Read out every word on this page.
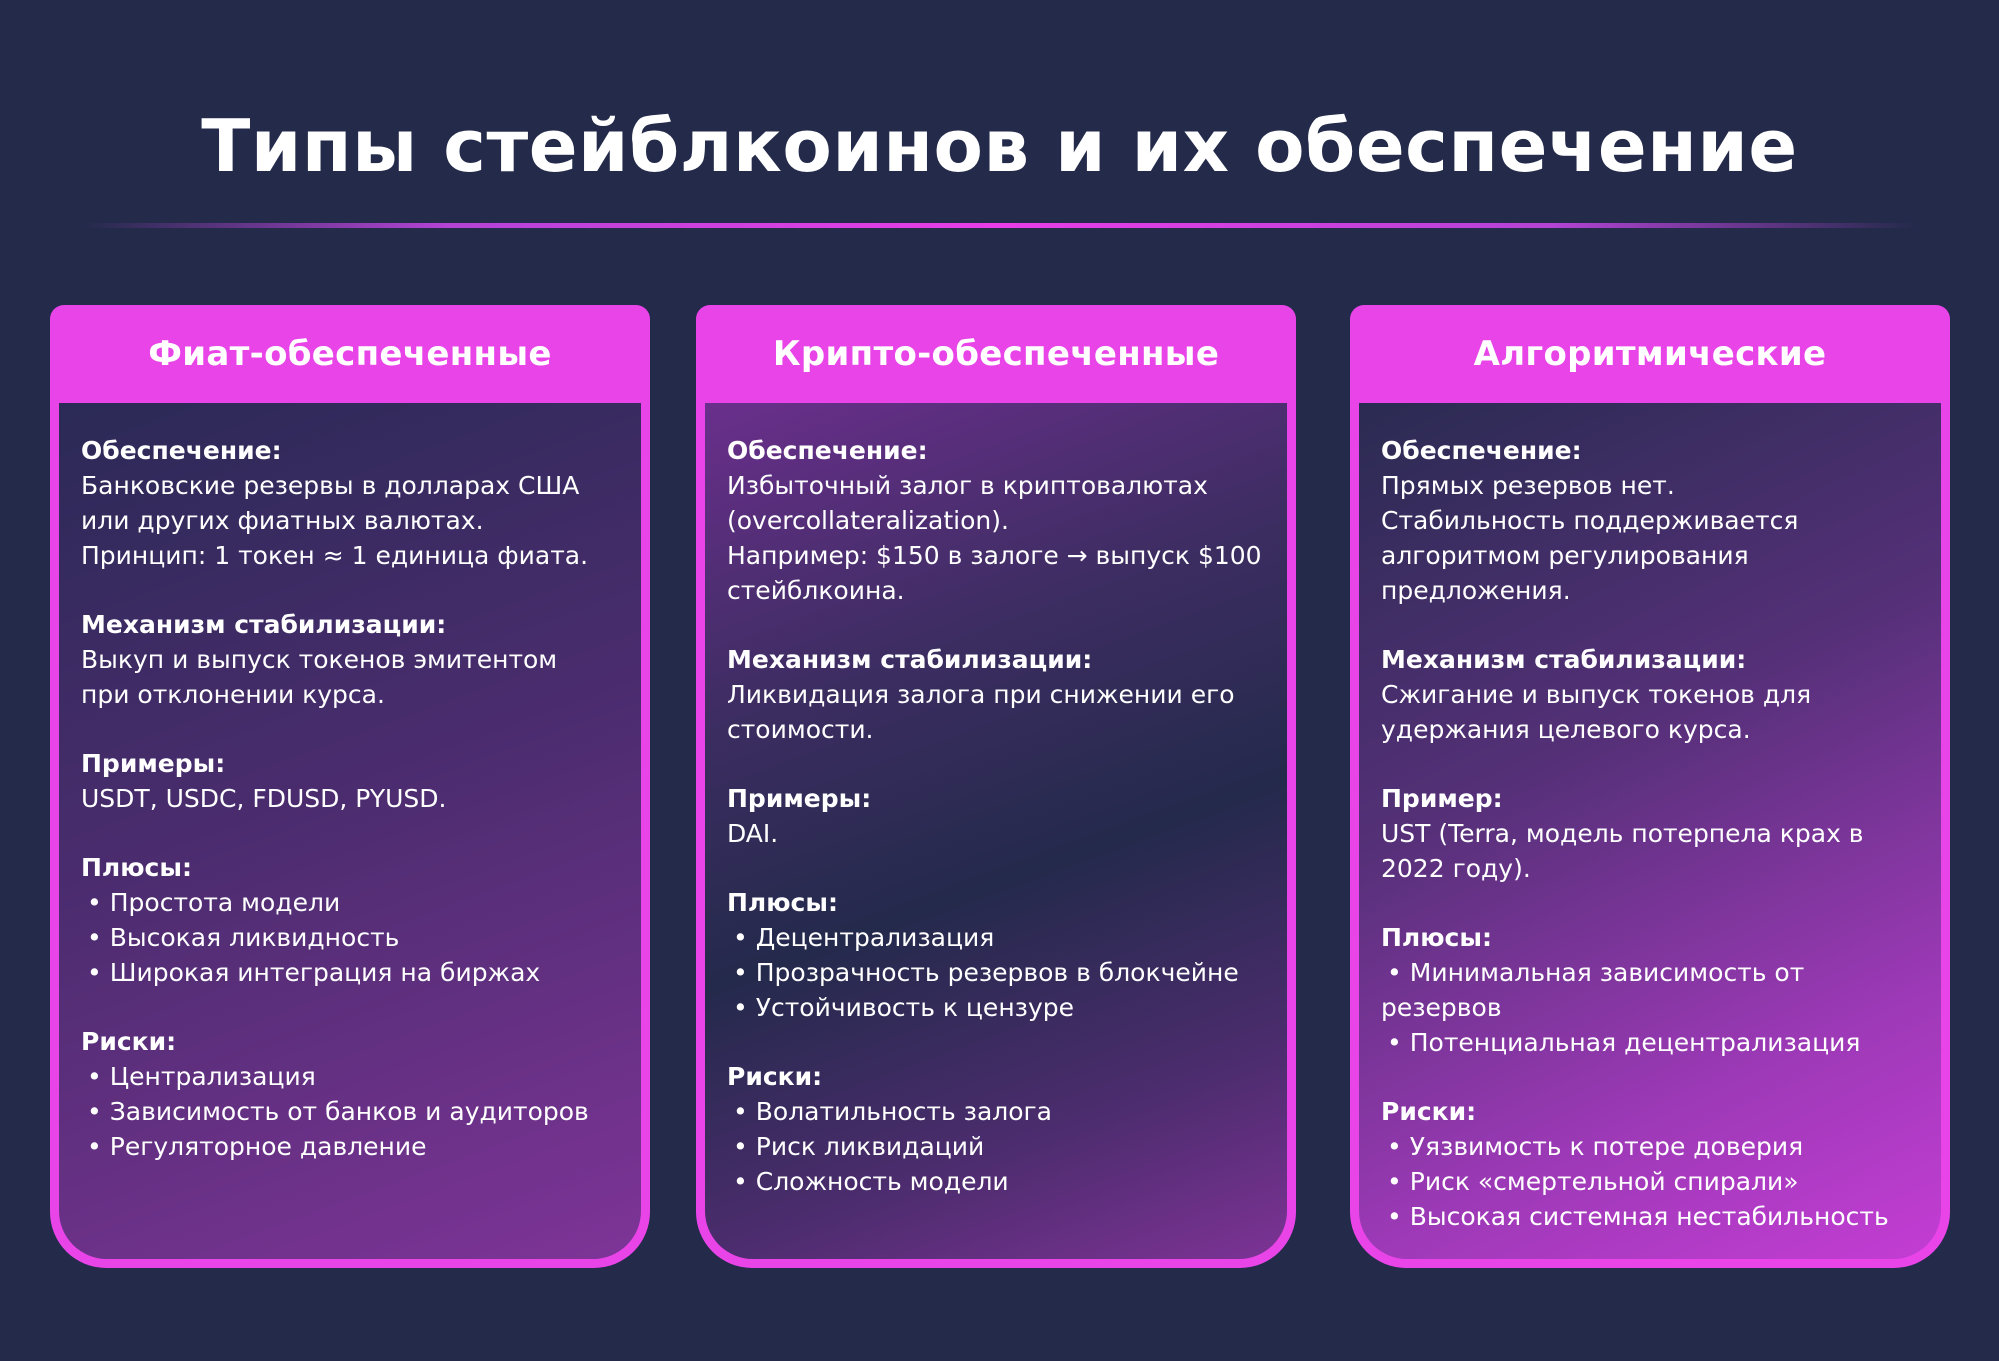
Типы стейблкоинов и их обеспечение
Фиат-обеспеченные
Обеспечение:
Банковские резервы в долларах США
или других фиатных валютах.
Принцип: 1 токен ≈ 1 единица фиата.
Механизм стабилизации:
Выкуп и выпуск токенов эмитентом
при отклонении курса.
Примеры:
USDT, USDC, FDUSD, PYUSD.
Плюсы:
• Простота модели
• Высокая ликвидность
• Широкая интеграция на биржах
Риски:
• Централизация
• Зависимость от банков и аудиторов
• Регуляторное давление
Крипто-обеспеченные
Обеспечение:
Избыточный залог в криптовалютах
(overcollateralization).
Например: $150 в залоге → выпуск $100
стейблкоина.
Механизм стабилизации:
Ликвидация залога при снижении его
стоимости.
Примеры:
DAI.
Плюсы:
• Децентрализация
• Прозрачность резервов в блокчейне
• Устойчивость к цензуре
Риски:
• Волатильность залога
• Риск ликвидаций
• Сложность модели
Алгоритмические
Обеспечение:
Прямых резервов нет.
Стабильность поддерживается
алгоритмом регулирования
предложения.
Механизм стабилизации:
Сжигание и выпуск токенов для
удержания целевого курса.
Пример:
UST (Terra, модель потерпела крах в
2022 году).
Плюсы:
• Минимальная зависимость от
резервов
• Потенциальная децентрализация
Риски:
• Уязвимость к потере доверия
• Риск «смертельной спирали»
• Высокая системная нестабильность
